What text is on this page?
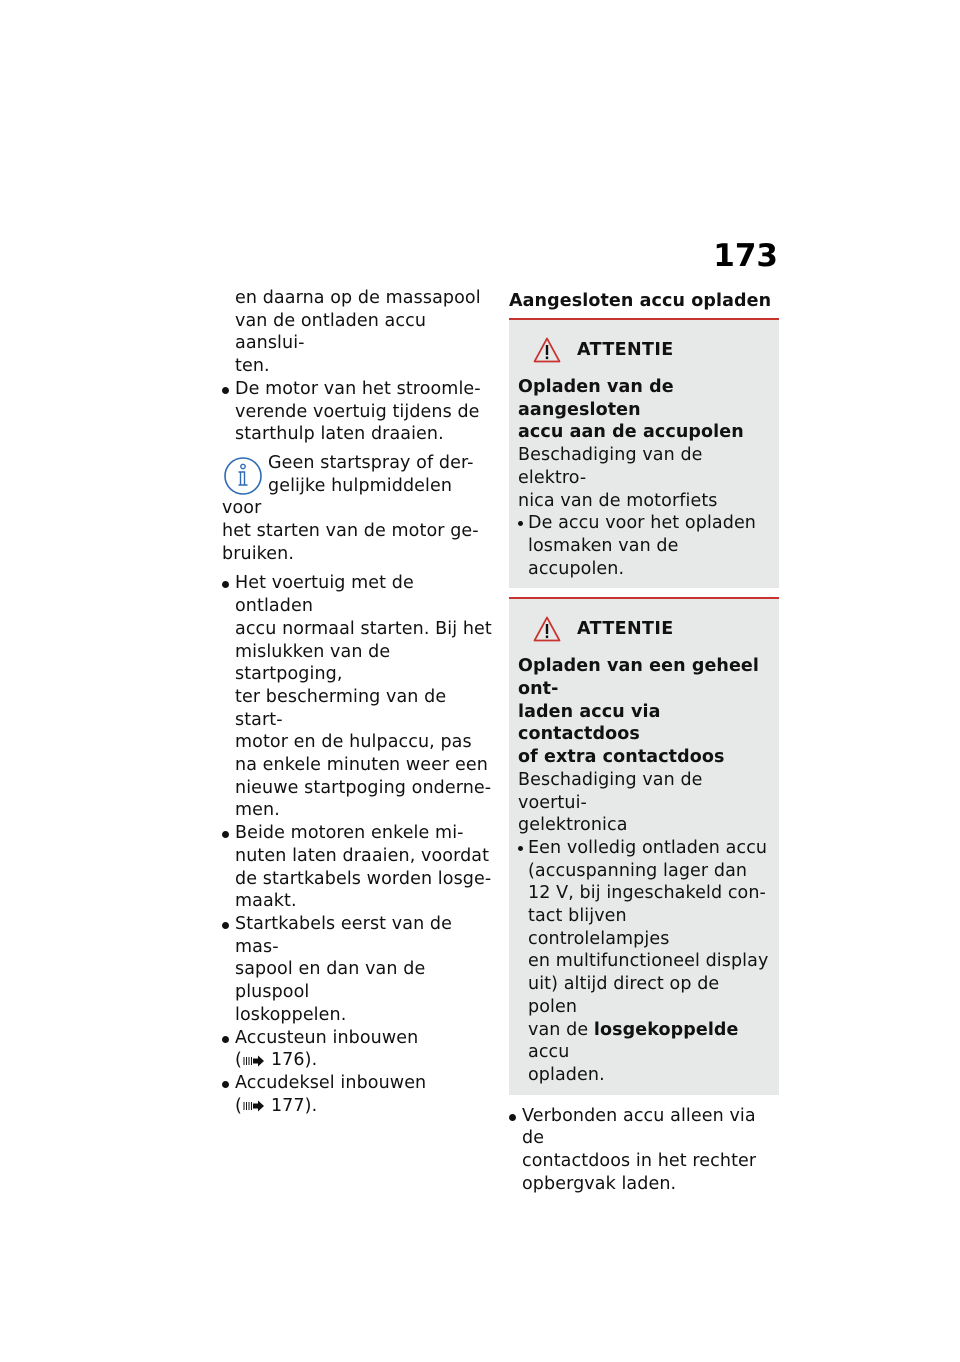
173
en daarna op de massapool
van de ontladen accu aanslui-
ten.
De motor van het stroomle-
verende voertuig tijdens de
starthulp laten draaien.
Geen startspray of der-
gelijke hulpmiddelen voor
het starten van de motor ge-
bruiken.
Het voertuig met de ontladen
accu normaal starten. Bij het
mislukken van de startpoging,
ter bescherming van de start-
motor en de hulpaccu, pas
na enkele minuten weer een
nieuwe startpoging onderne-
men.
Beide motoren enkele mi-
nuten laten draaien, voordat
de startkabels worden losge-
maakt.
Startkabels eerst van de mas-
sapool en dan van de pluspool
loskoppelen.
Accusteun inbouwen
( 176).
Accudeksel inbouwen
( 177).
Aangesloten accu opladen
ATTENTIE
Opladen van de aangesloten
accu aan de accupolen
Beschadiging van de elektro-
nica van de motorfiets
De accu voor het opladen
losmaken van de accupolen.
ATTENTIE
Opladen van een geheel ont-
laden accu via contactdoos
of extra contactdoos
Beschadiging van de voertui-
gelektronica
Een volledig ontladen accu
(accuspanning lager dan
12 V, bij ingeschakeld con-
tact blijven controlelampjes
en multifunctioneel display
uit) altijd direct op de polen
van de losgekoppelde accu
opladen.
Verbonden accu alleen via de
contactdoos in het rechter
opbergvak laden.
